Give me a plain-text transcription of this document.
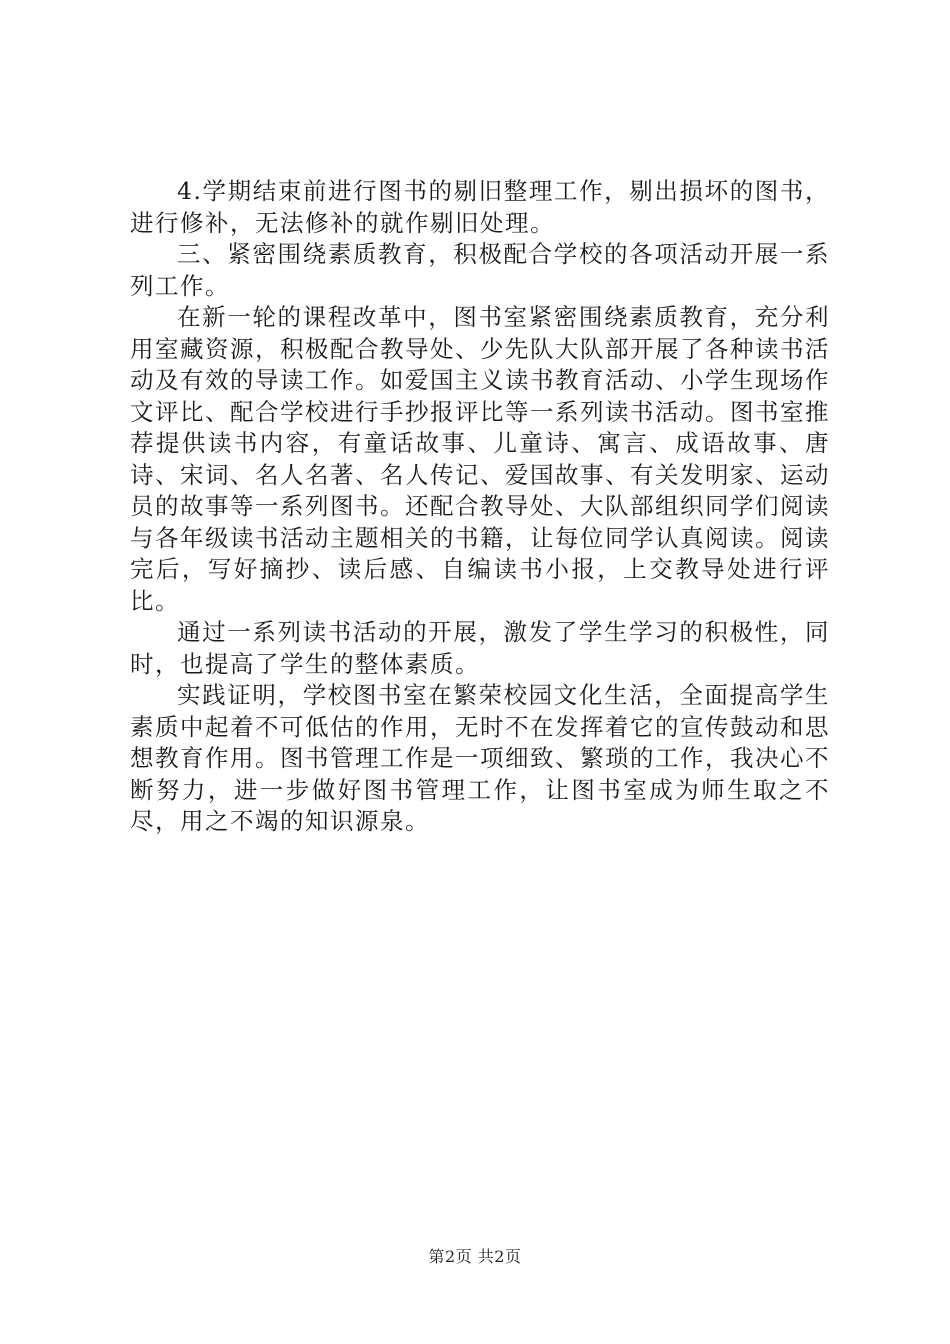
4.学期结束前进行图书的剔旧整理工作，剔出损坏的图书，进行修补，无法修补的就作剔旧处理。

三、紧密围绕素质教育，积极配合学校的各项活动开展一系列工作。

在新一轮的课程改革中，图书室紧密围绕素质教育，充分利用室藏资源，积极配合教导处、少先队大队部开展了各种读书活动及有效的导读工作。如爱国主义读书教育活动、小学生现场作文评比、配合学校进行手抄报评比等一系列读书活动。图书室推荐提供读书内容，有童话故事、儿童诗、寓言、成语故事、唐诗、宋词、名人名著、名人传记、爱国故事、有关发明家、运动员的故事等一系列图书。还配合教导处、大队部组织同学们阅读与各年级读书活动主题相关的书籍，让每位同学认真阅读。阅读完后，写好摘抄、读后感、自编读书小报，上交教导处进行评比。

通过一系列读书活动的开展，激发了学生学习的积极性，同时，也提高了学生的整体素质。

实践证明，学校图书室在繁荣校园文化生活，全面提高学生素质中起着不可低估的作用，无时不在发挥着它的宣传鼓动和思想教育作用。图书管理工作是一项细致、繁琐的工作，我决心不断努力，进一步做好图书管理工作，让图书室成为师生取之不尽，用之不竭的知识源泉。

第2页 共2页
